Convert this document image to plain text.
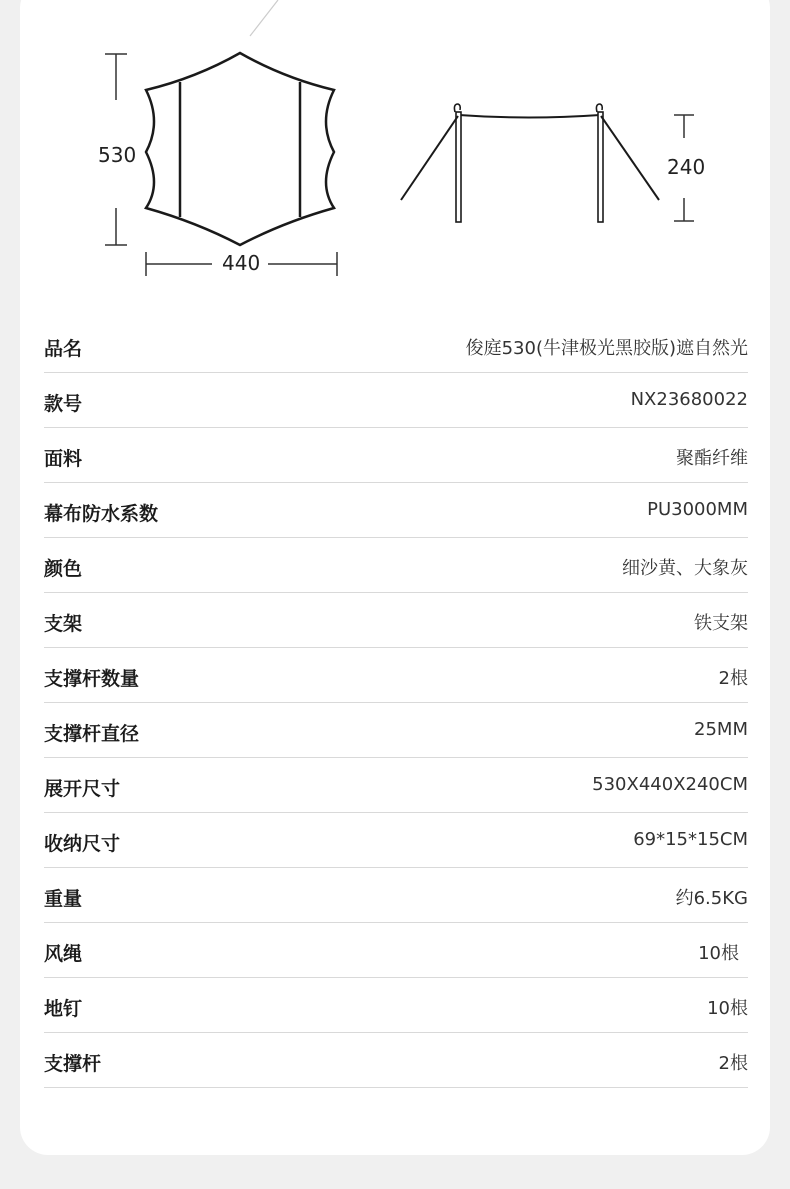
530
440
240
品名	俊庭530(牛津极光黑胶版)遮自然光
款号	NX23680022
面料	聚酯纤维
幕布防水系数	PU3000MM
颜色	细沙黄、大象灰
支架	铁支架
支撑杆数量	2根
支撑杆直径	25MM
展开尺寸	530X440X240CM
收纳尺寸	69*15*15CM
重量	约6.5KG
风绳	10根
地钉	10根
支撑杆	2根
